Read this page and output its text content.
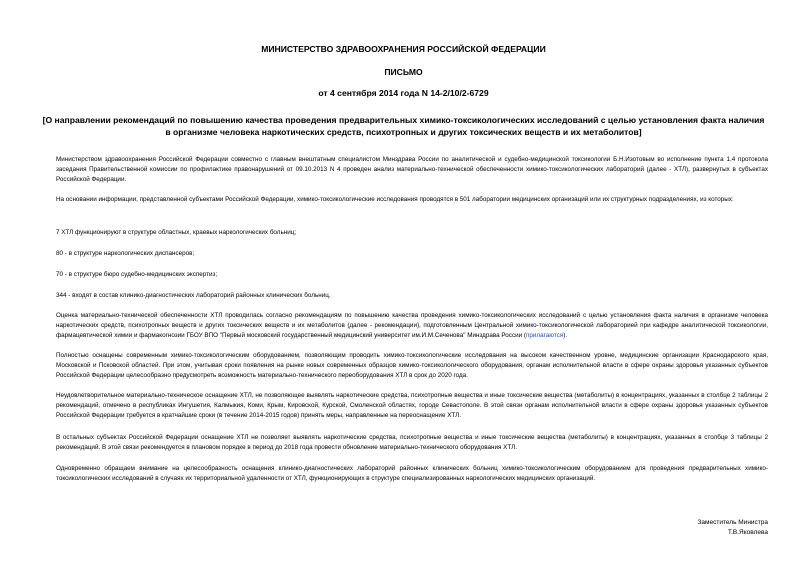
МИНИСТЕРСТВО ЗДРАВООХРАНЕНИЯ РОССИЙСКОЙ ФЕДЕРАЦИИ
ПИСЬМО
от 4 сентября 2014 года N 14-2/10/2-6729
[О направлении рекомендаций по повышению качества проведения предварительных химико-токсикологических исследований с целью установления факта наличия в организме человека наркотических средств, психотропных и других токсических веществ и их метаболитов]

Министерством здравоохранения Российской Федерации совместно с главным внештатным специалистом Минздрава России по аналитической и судебно-медицинской токсикологии Б.Н.Изотовым во исполнение пункта 1.4 протокола заседания Правительственной комиссии по профилактике правонарушений от 09.10.2013 N 4 проведен анализ материально-технической обеспеченности химико-токсикологических лабораторий (далее - ХТЛ), развернутых в субъектах Российской Федерации.

На основании информации, представленной субъектами Российской Федерации, химико-токсикологические исследования проводятся в 501 лаборатории медицинских организаций или их структурных подразделениях, из которых:

7 ХТЛ функционируют в структуре областных, краевых наркологических больниц;

80 - в структуре наркологических диспансеров;

70 - в структуре бюро судебно-медицинских экспертиз;

344 - входят в состав клинико-диагностических лабораторий районных клинических больниц.

Оценка материально-технической обеспеченности ХТЛ проводилась согласно рекомендациям по повышению качества проведения химико-токсикологических исследований с целью установления факта наличия в организме человека наркотических средств, психотропных веществ и других токсических веществ и их метаболитов (далее - рекомендации), подготовленным Центральной химико-токсикологической лабораторией при кафедре аналитической токсикологии, фармацевтической химии и фармакогнозии ГБОУ ВПО "Первый московский государственный медицинский университет им.И.М.Сеченова" Минздрава России (прилагаются).

Полностью оснащены современным химико-токсикологическим оборудованием, позволяющим проводить химико-токсикологические исследования на высоком качественном уровне, медицинские организации Краснодарского края, Московской и Псковской областей. При этом, учитывая сроки появления на рынке новых современных образцов химико-токсикологического оборудования, органам исполнительной власти в сфере охраны здоровья указанных субъектов Российской Федерации целесообразно предусмотреть возможность материально-технического переоборудования ХТЛ в срок до 2020 года.

Неудовлетворительное материально-техническое оснащение ХТЛ, не позволяющее выявлять наркотические средства, психотропные вещества и иные токсические вещества (метаболиты) в концентрациях, указанных в столбце 2 таблицы 2 рекомендаций, отмечено в республиках Ингушетия, Калмыкия, Коми, Крым, Кировской, Курской, Смоленской областях, городе Севастополе. В этой связи органам исполнительной власти в сфере охраны здоровья указанных субъектов Российской Федерации требуется в кратчайшие сроки (в течение 2014-2015 годов) принять меры, направленные на переоснащение ХТЛ.

В остальных субъектах Российской Федерации оснащение ХТЛ не позволяет выявлять наркотические средства, психотропные вещества и иные токсические вещества (метаболиты) в концентрациях, указанных в столбце 3 таблицы 2 рекомендаций. В этой связи рекомендуется в плановом порядке в период до 2018 года провести обновление материально-технического оборудования ХТЛ.

Одновременно обращаем внимание на целесообразность оснащения клинико-диагностических лабораторий районных клинических больниц химико-токсикологическим оборудованием для проведения предварительных химико-токсикологических исследований в случаях их территориальной удаленности от ХТЛ, функционирующих в структуре специализированных наркологических медицинских организаций.

Заместитель Министра
Т.В.Яковлева
